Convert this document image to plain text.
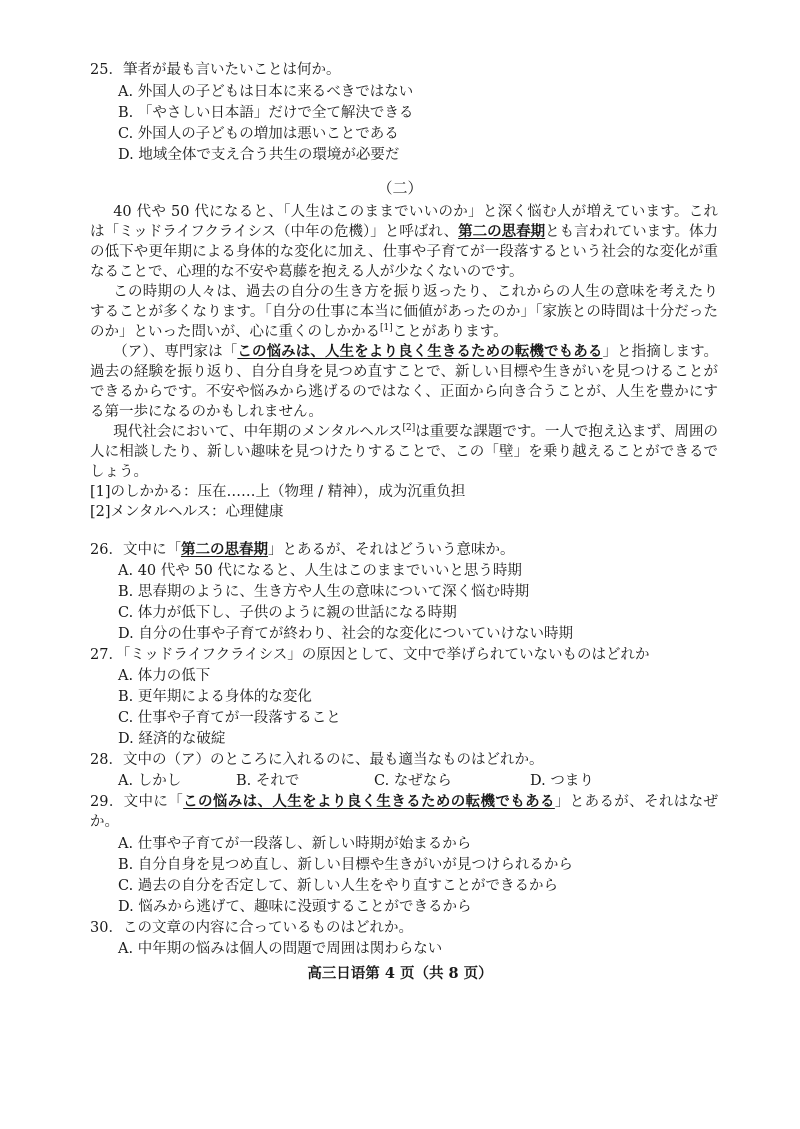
25．筆者が最も言いたいことは何か。
A. 外国人の子どもは日本に来るべきではない
B. 「やさしい日本語」だけで全て解決できる
C. 外国人の子どもの増加は悪いことである
D. 地域全体で支え合う共生の環境が必要だ
（二）
40 代や 50 代になると、「人生はこのままでいいのか」と深く悩む人が増えています。これは「ミッドライフクライシス（中年の危機）」と呼ばれ、第二の思春期とも言われています。体力の低下や更年期による身体的な変化に加え、仕事や子育てが一段落するという社会的な変化が重なることで、心理的な不安や葛藤を抱える人が少なくないのです。
この時期の人々は、過去の自分の生き方を振り返ったり、これからの人生の意味を考えたりすることが多くなります。「自分の仕事に本当に価値があったのか」「家族との時間は十分だったのか」といった問いが、心に重くのしかかる[1]ことがあります。
（ア）、専門家は「この悩みは、人生をより良く生きるための転機でもある」と指摘します。過去の経験を振り返り、自分自身を見つめ直すことで、新しい目標や生きがいを見つけることができるからです。不安や悩みから逃げるのではなく、正面から向き合うことが、人生を豊かにする第一歩になるのかもしれません。
現代社会において、中年期のメンタルヘルス[2]は重要な課題です。一人で抱え込まず、周囲の人に相談したり、新しい趣味を見つけたりすることで、この「壁」を乗り越えることができるでしょう。
[1]のしかかる：压在……上（物理 / 精神），成为沉重负担
[2]メンタルヘルス：心理健康
26．文中に「第二の思春期」とあるが、それはどういう意味か。
A. 40 代や 50 代になると、人生はこのままでいいと思う時期
B. 思春期のように、生き方や人生の意味について深く悩む時期
C. 体力が低下し、子供のように親の世話になる時期
D. 自分の仕事や子育てが終わり、社会的な変化についていけない時期
27．「ミッドライフクライシス」の原因として、文中で挙げられていないものはどれか
A. 体力の低下
B. 更年期による身体的な変化
C. 仕事や子育てが一段落すること
D. 経済的な破綻
28．文中の（ア）のところに入れるのに、最も適当なものはどれか。
A. しかし	B. それで	C. なぜなら	D. つまり
29．文中に「この悩みは、人生をより良く生きるための転機でもある」とあるが、それはなぜか。
A. 仕事や子育てが一段落し、新しい時期が始まるから
B. 自分自身を見つめ直し、新しい目標や生きがいが見つけられるから
C. 過去の自分を否定して、新しい人生をやり直すことができるから
D. 悩みから逃げて、趣味に没頭することができるから
30．この文章の内容に合っているものはどれか。
A. 中年期の悩みは個人の問題で周囲は関わらない
高三日语第 4 页（共 8 页）
